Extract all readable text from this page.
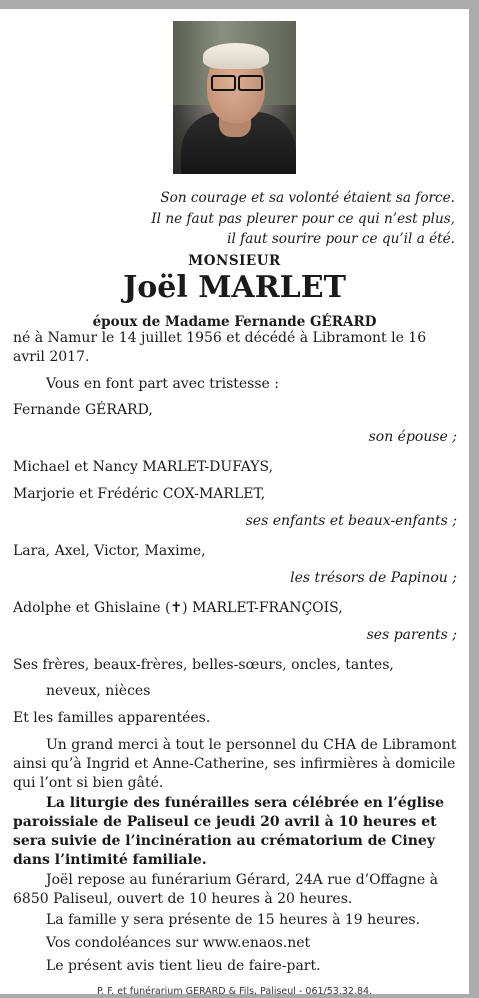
Son courage et sa volonté étaient sa force.
Il ne faut pas pleurer pour ce qui n’est plus,
il faut sourire pour ce qu’il a été.
MONSIEUR
Joël MARLET
époux de Madame Fernande GÉRARD
né à Namur le 14 juillet 1956 et décédé à Libramont le 16 avril 2017.
Vous en font part avec tristesse :
Fernande GÉRARD,
son épouse ;
Michael et Nancy MARLET-DUFAYS,
Marjorie et Frédéric COX-MARLET,
ses enfants et beaux-enfants ;
Lara, Axel, Victor, Maxime,
les trésors de Papinou ;
Adolphe et Ghislaine (✝) MARLET-FRANÇOIS,
ses parents ;
Ses frères, beaux-frères, belles-sœurs, oncles, tantes,
neveux, nièces
Et les familles apparentées.
Un grand merci à tout le personnel du CHA de Libramont ainsi qu’à Ingrid et Anne-Catherine, ses infirmières à domicile qui l’ont si bien gâté.
La liturgie des funérailles sera célébrée en l’église paroissiale de Paliseul ce jeudi 20 avril à 10 heures et sera suivie de l’incinération au crématorium de Ciney dans l’intimité familiale.
Joël repose au funérarium Gérard, 24A rue d’Offagne à 6850 Paliseul, ouvert de 10 heures à 20 heures.
La famille y sera présente de 15 heures à 19 heures.
Vos condoléances sur www.enaos.net
Le présent avis tient lieu de faire-part.
P. F. et funérarium GERARD & Fils, Paliseul - 061/53.32.84.
